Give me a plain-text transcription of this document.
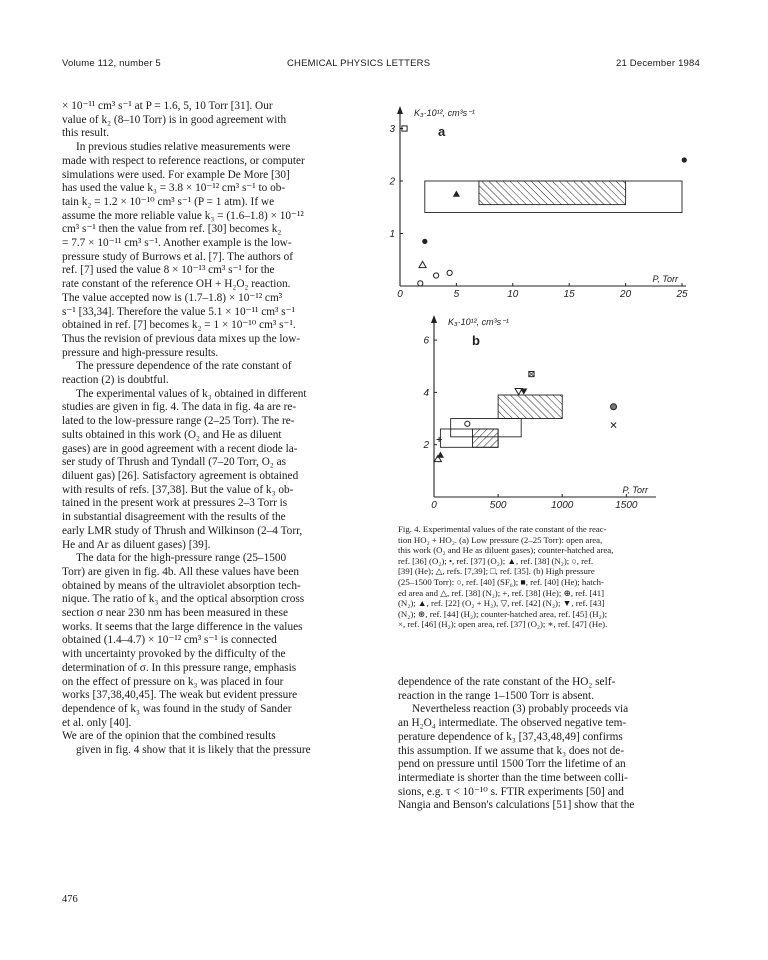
Volume 112, number 5	CHEMICAL PHYSICS LETTERS	21 December 1984
× 10⁻¹¹ cm³ s⁻¹ at P = 1.6, 5, 10 Torr [31]. Our
value of k₂ (8–10 Torr) is in good agreement with
this result.
In previous studies relative measurements were
made with respect to reference reactions, or computer
simulations were used. For example De More [30]
has used the value k₃ = 3.8 × 10⁻¹² cm³ s⁻¹ to ob-
tain k₂ = 1.2 × 10⁻¹⁰ cm³ s⁻¹ (P = 1 atm). If we
assume the more reliable value k₃ = (1.6–1.8) × 10⁻¹²
cm³ s⁻¹ then the value from ref. [30] becomes k₂
= 7.7 × 10⁻¹¹ cm³ s⁻¹. Another example is the low-
pressure study of Burrows et al. [7]. The authors of
ref. [7] used the value 8 × 10⁻¹³ cm³ s⁻¹ for the
rate constant of the reference OH + H₂O₂ reaction.
The value accepted now is (1.7–1.8) × 10⁻¹² cm³
s⁻¹ [33,34]. Therefore the value 5.1 × 10⁻¹¹ cm³ s⁻¹
obtained in ref. [7] becomes k₂ = 1 × 10⁻¹⁰ cm³ s⁻¹.
Thus the revision of previous data mixes up the low-
pressure and high-pressure results.
The pressure dependence of the rate constant of
reaction (2) is doubtful.
The experimental values of k₃ obtained in different
studies are given in fig. 4. The data in fig. 4a are re-
lated to the low-pressure range (2–25 Torr). The re-
sults obtained in this work (O₂ and He as diluent
gases) are in good agreement with a recent diode la-
ser study of Thrush and Tyndall (7–20 Torr, O₂ as
diluent gas) [26]. Satisfactory agreement is obtained
with results of refs. [37,38]. But the value of k₃ ob-
tained in the present work at pressures 2–3 Torr is
in substantial disagreement with the results of the
early LMR study of Thrush and Wilkinson (2–4 Torr,
He and Ar as diluent gases) [39].
The data for the high-pressure range (25–1500
Torr) are given in fig. 4b. All these values have been
obtained by means of the ultraviolet absorption tech-
nique. The ratio of k₃ and the optical absorption cross
section σ near 230 nm has been measured in these
works. It seems that the large difference in the values
obtained (1.4–4.7) × 10⁻¹² cm³ s⁻¹ is connected
with uncertainty provoked by the difficulty of the
determination of σ. In this pressure range, emphasis
on the effect of pressure on k₃ was placed in four
works [37,38,40,45]. The weak but evident pressure
dependence of k₃ was found in the study of Sander
et al. only [40].
We are of the opinion that the combined results
given in fig. 4 show that it is likely that the pressure
0	5	10	15	20	25
1
2
3
K₃·10¹², cm³s⁻¹
P, Torr
a
0	500	1000	1500
2
4
6
K₃·10¹², cm³s⁻¹
P, Torr
b
Fig. 4. Experimental values of the rate constant of the reac-
tion HO₂ + HO₂. (a) Low pressure (2–25 Torr): open area,
this work (O₂ and He as diluent gases); counter-hatched area,
ref. [36] (O₂); •, ref. [37] (O₂); ▲, ref. [38] (N₂); ○, ref.
[39] (He); △, refs. [7,39]; □, ref. [35]. (b) High pressure
(25–1500 Torr): ○, ref. [40] (SF₆); ■, ref. [40] (He); hatch-
ed area and △, ref. [38] (N₂); +, ref. [38] (He); ⊕, ref. [41]
(N₂); ▲, ref. [22] (O₂ + H₂), ▽, ref. [42] (N₂); ▼, ref. [43]
(N₂); ⊛, ref. [44] (H₂); counter-hatched area, ref. [45] (H₂);
×, ref. [46] (H₂); open area, ref. [37] (O₂); ∗, ref. [47] (He).
dependence of the rate constant of the HO₂ self-
reaction in the range 1–1500 Torr is absent.
Nevertheless reaction (3) probably proceeds via
an H₂O₄ intermediate. The observed negative tem-
perature dependence of k₃ [37,43,48,49] confirms
this assumption. If we assume that k₃ does not de-
pend on pressure until 1500 Torr the lifetime of an
intermediate is shorter than the time between colli-
sions, e.g. τ < 10⁻¹⁰ s. FTIR experiments [50] and
Nangia and Benson's calculations [51] show that the
476
